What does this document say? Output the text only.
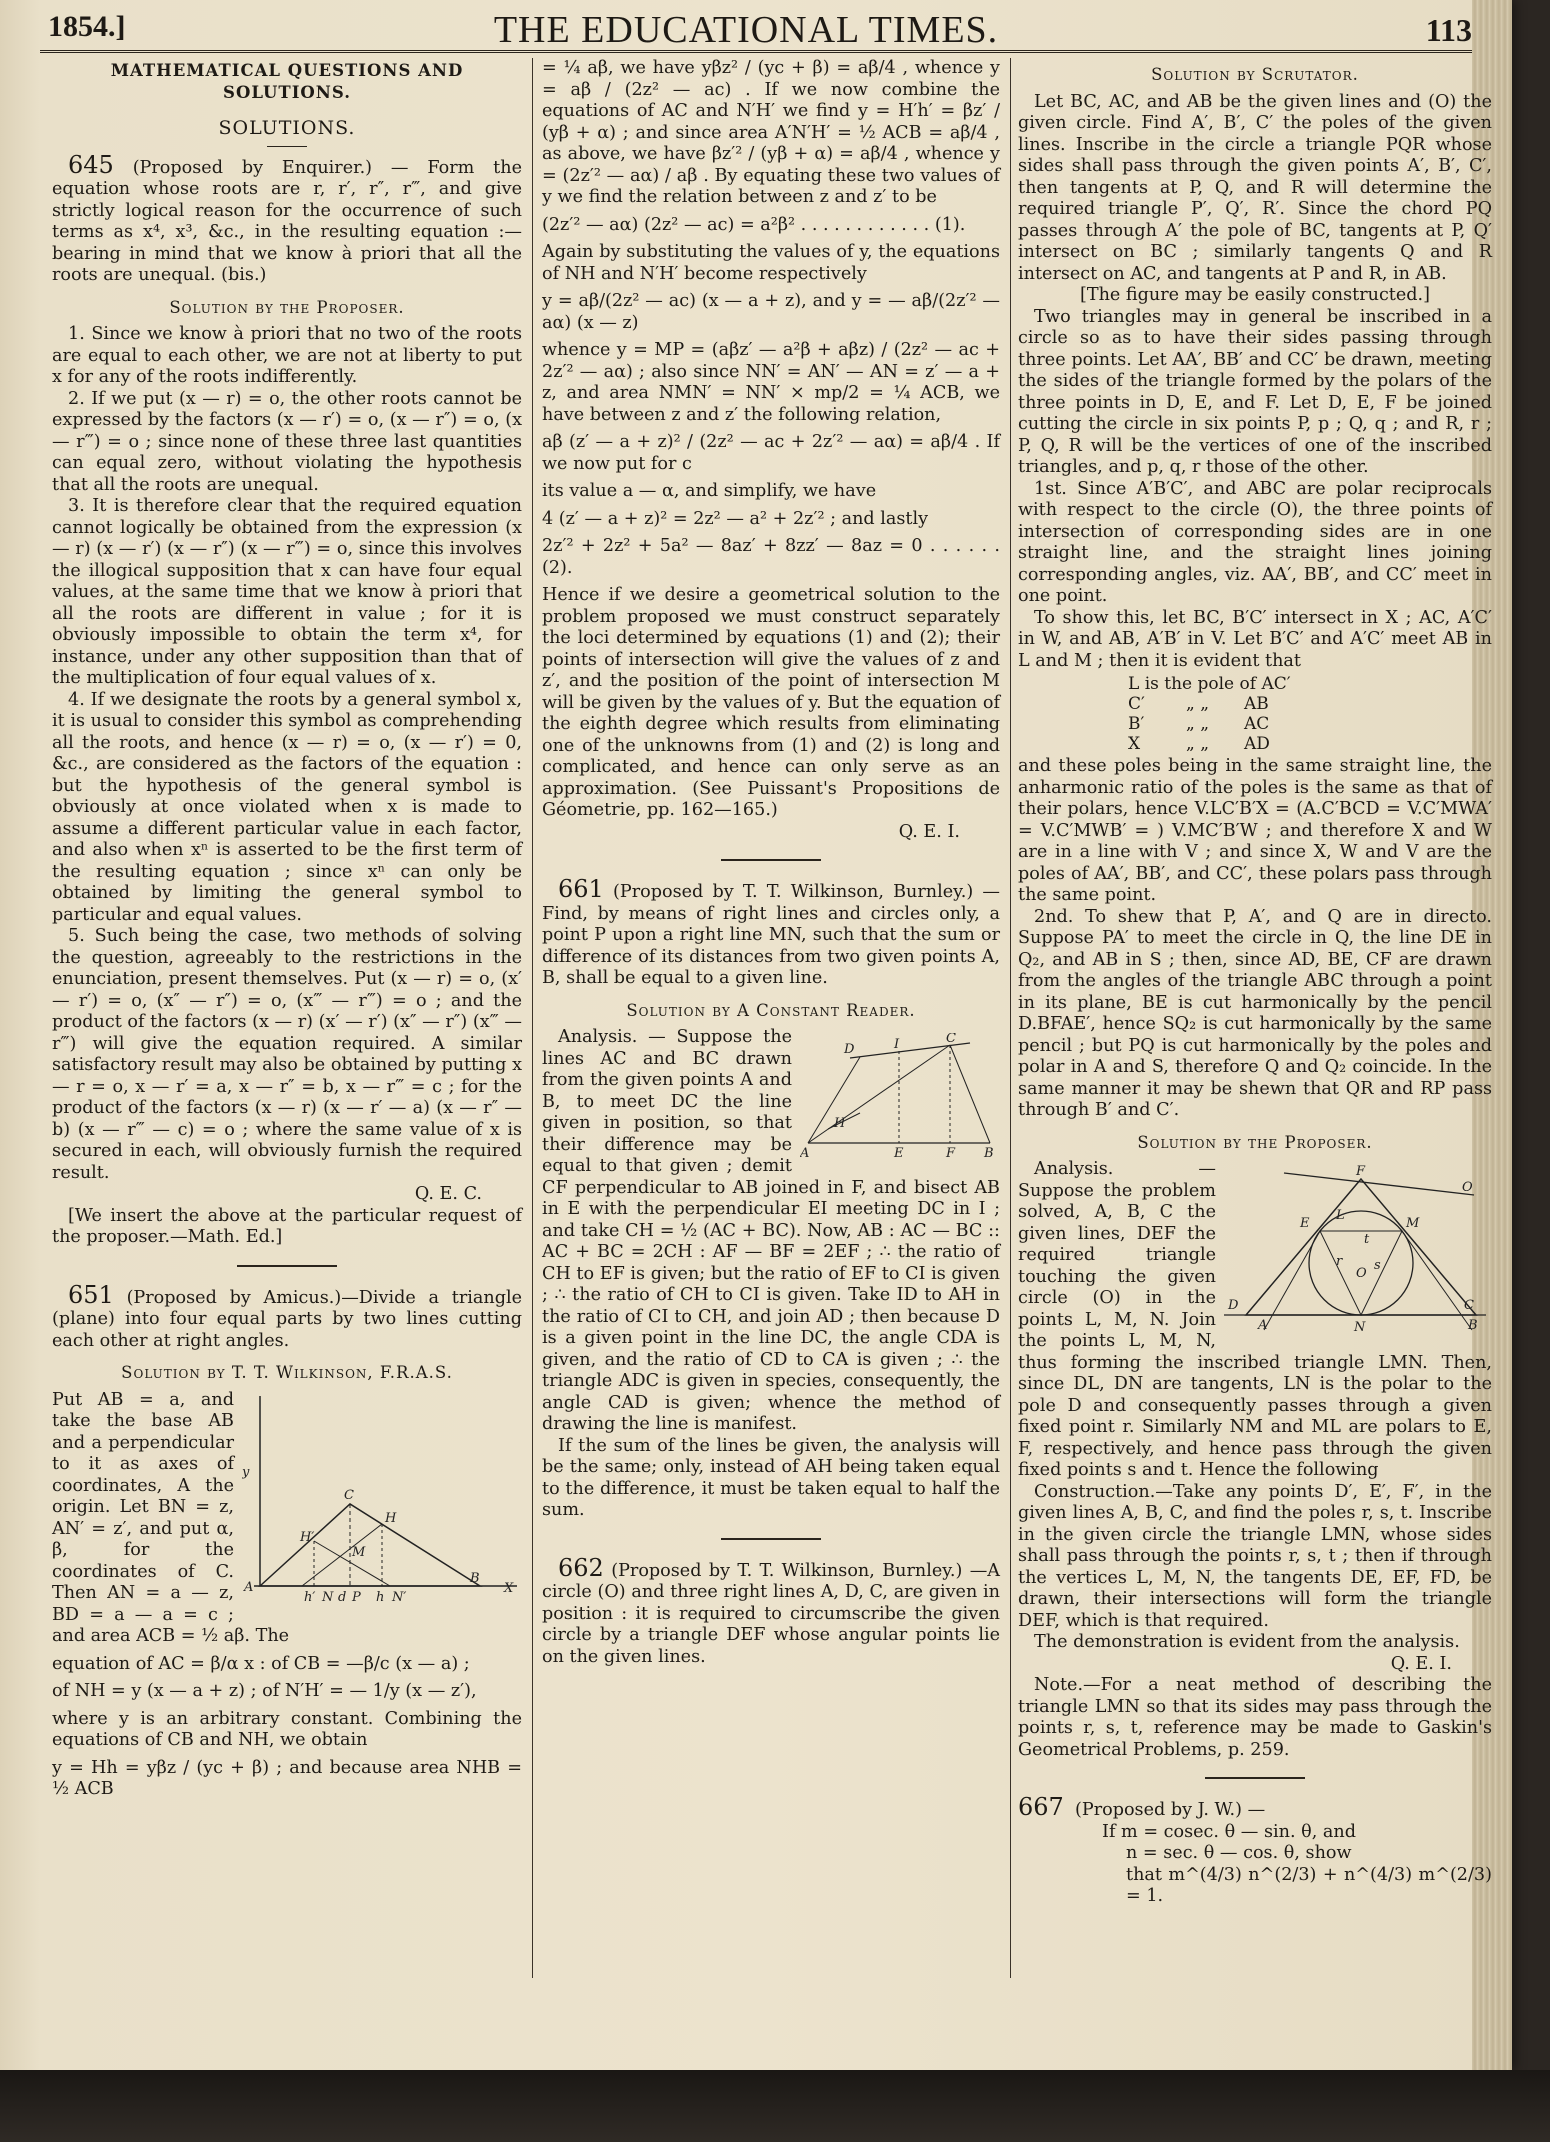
1854.]	THE EDUCATIONAL TIMES.	113
MATHEMATICAL QUESTIONS AND SOLUTIONS.
SOLUTIONS.

645 (Proposed by Enquirer.) — Form the equation whose roots are r, r′, r″, r‴, and give strictly logical reason for the occurrence of such terms as x⁴, x³, &c., in the resulting equation :— bearing in mind that we know à priori that all the roots are unequal. (bis.)

Solution by the Proposer.

1. Since we know à priori that no two of the roots are equal to each other, we are not at liberty to put x for any of the roots indifferently.

2. If we put (x — r) = o, the other roots cannot be expressed by the factors (x — r′) = o, (x — r″) = o, (x — r‴) = o ; since none of these three last quantities can equal zero, without violating the hypothesis that all the roots are unequal.

3. It is therefore clear that the required equation cannot logically be obtained from the expression (x — r) (x — r′) (x — r″) (x — r‴) = o, since this involves the illogical supposition that x can have four equal values, at the same time that we know à priori that all the roots are different in value ; for it is obviously impossible to obtain the term x⁴, for instance, under any other supposition than that of the multiplication of four equal values of x.

4. If we designate the roots by a general symbol x, it is usual to consider this symbol as comprehending all the roots, and hence (x — r) = o, (x — r′) = 0, &c., are considered as the factors of the equation : but the hypothesis of the general symbol is obviously at once violated when x is made to assume a different particular value in each factor, and also when xⁿ is asserted to be the first term of the resulting equation ; since xⁿ can only be obtained by limiting the general symbol to particular and equal values.

5. Such being the case, two methods of solving the question, agreeably to the restrictions in the enunciation, present themselves. Put (x — r) = o, (x′ — r′) = o, (x″ — r″) = o, (x‴ — r‴) = o ; and the product of the factors (x — r) (x′ — r′) (x″ — r″) (x‴ — r‴) will give the equation required. A similar satisfactory result may also be obtained by putting x — r = o, x — r′ = a, x — r″ = b, x — r‴ = c ; for the product of the factors (x — r) (x — r′ — a) (x — r″ — b) (x — r‴ — c) = o ; where the same value of x is secured in each, will obviously furnish the required result.

Q. E. C.

[We insert the above at the particular request of the proposer.—Math. Ed.]

651 (Proposed by Amicus.)—Divide a triangle (plane) into four equal parts by two lines cutting each other at right angles.

Solution by T. T. Wilkinson, F.R.A.S.
y
C
H
H′
M
A
h′ N d P h N′
B
X

Put AB = a, and take the base AB and a perpendicular to it as axes of coordinates, A the origin. Let BN = z, AN′ = z′, and put α, β, for the coordinates of C. Then AN = a — z, BD = a — a = c ; and area ACB = ½ aβ. The

equation of AC = β/α x : of CB = —β/c (x — a) ;

of NH = y (x — a + z) ; of N′H′ = — 1/y (x — z′),

where y is an arbitrary constant. Combining the equations of CB and NH, we obtain

y = Hh = yβz / (yc + β) ; and because area NHB = ½ ACB

= ¼ aβ, we have yβz² / (yc + β) = aβ/4 , whence y = aβ / (2z² — ac) . If we now combine the equations of AC and N′H′ we find y = H′h′ = βz′ / (yβ + α) ; and since area A′N′H′ = ½ ACB = aβ/4 , as above, we have βz′² / (yβ + α) = aβ/4 , whence y = (2z′² — aα) / aβ . By equating these two values of y we find the relation between z and z′ to be

(2z′² — aα) (2z² — ac) = a²β² . . . . . . . . . . . . (1).

Again by substituting the values of y, the equations of NH and N′H′ become respectively

y = aβ/(2z² — ac) (x — a + z), and y = — aβ/(2z′² — aα) (x — z)

whence y = MP = (aβz′ — a²β + aβz) / (2z² — ac + 2z′² — aα) ; also since NN′ = AN′ — AN = z′ — a + z, and area NMN′ = NN′ × mp/2 = ¼ ACB, we have between z and z′ the following relation,

aβ (z′ — a + z)² / (2z² — ac + 2z′² — aα) = aβ/4 . If we now put for c

its value a — α, and simplify, we have

4 (z′ — a + z)² = 2z² — a² + 2z′² ; and lastly

2z′² + 2z² + 5a² — 8az′ + 8zz′ — 8az = 0 . . . . . . (2).

Hence if we desire a geometrical solution to the problem proposed we must construct separately the loci determined by equations (1) and (2); their points of intersection will give the values of z and z′, and the position of the point of intersection M will be given by the values of y. But the equation of the eighth degree which results from eliminating one of the unknowns from (1) and (2) is long and complicated, and hence can only serve as an approximation. (See Puissant's Propositions de Géometrie, pp. 162—165.)

Q. E. I.

661 (Proposed by T. T. Wilkinson, Burnley.) —Find, by means of right lines and circles only, a point P upon a right line MN, such that the sum or difference of its distances from two given points A, B, shall be equal to a given line.

Solution by A Constant Reader.
D	I	C
H
A	E	F B

Analysis. — Suppose the lines AC and BC drawn from the given points A and B, to meet DC the line given in position, so that their difference may be equal to that given ; demit CF perpendicular to AB joined in F, and bisect AB in E with the perpendicular EI meeting DC in I ; and take CH = ½ (AC + BC). Now, AB : AC — BC :: AC + BC = 2CH : AF — BF = 2EF ; ∴ the ratio of CH to EF is given; but the ratio of EF to CI is given ; ∴ the ratio of CH to CI is given. Take ID to AH in the ratio of CI to CH, and join AD ; then because D is a given point in the line DC, the angle CDA is given, and the ratio of CD to CA is given ; ∴ the triangle ADC is given in species, consequently, the angle CAD is given; whence the method of drawing the line is manifest.

If the sum of the lines be given, the analysis will be the same; only, instead of AH being taken equal to the difference, it must be taken equal to half the sum.

662 (Proposed by T. T. Wilkinson, Burnley.) —A circle (O) and three right lines A, D, C, are given in position : it is required to circumscribe the given circle by a triangle DEF whose angular points lie on the given lines.

Solution by Scrutator.

Let BC, AC, and AB be the given lines and (O) the given circle. Find A′, B′, C′ the poles of the given lines. Inscribe in the circle a triangle PQR whose sides shall pass through the given points A′, B′, C′, then tangents at P, Q, and R will determine the required triangle P′, Q′, R′. Since the chord PQ passes through A′ the pole of BC, tangents at P, Q′ intersect on BC ; similarly tangents Q and R intersect on AC, and tangents at P and R, in AB.

[The figure may be easily constructed.]

Two triangles may in general be inscribed in a circle so as to have their sides passing through three points. Let AA′, BB′ and CC′ be drawn, meeting the sides of the triangle formed by the polars of the three points in D, E, and F. Let D, E, F be joined cutting the circle in six points P, p ; Q, q ; and R, r ; P, Q, R will be the vertices of one of the inscribed triangles, and p, q, r those of the other.

1st. Since A′B′C′, and ABC are polar reciprocals with respect to the circle (O), the three points of intersection of corresponding sides are in one straight line, and the straight lines joining corresponding angles, viz. AA′, BB′, and CC′ meet in one point.

To show this, let BC, B′C′ intersect in X ; AC, A′C′ in W, and AB, A′B′ in V. Let B′C′ and A′C′ meet AB in L and M ; then it is evident that

L is the pole of AC′
C′ „ „ AB
B′ „ „ AC
X	„ „ AD

and these poles being in the same straight line, the anharmonic ratio of the poles is the same as that of their polars, hence V.LC′B′X = (A.C′BCD = V.C′MWA′ = V.C′MWB′ = ) V.MC′B′W ; and therefore X and W are in a line with V ; and since X, W and V are the poles of AA′, BB′, and CC′, these polars pass through the same point.

2nd. To shew that P, A′, and Q are in directo. Suppose PA′ to meet the circle in Q, the line DE in Q₂, and AB in S ; then, since AD, BE, CF are drawn from the angles of the triangle ABC through a point in its plane, BE is cut harmonically by the pencil D.BFAE′, hence SQ₂ is cut harmonically by the same pencil ; but PQ is cut harmonically by the poles and polar in A and S, therefore Q and Q₂ coincide. In the same manner it may be shewn that QR and RP pass through B′ and C′.

Solution by the Proposer.
F
O
E	M
D
A	N
C
B
L
t
r
O
s

Analysis. — Suppose the problem solved, A, B, C the given lines, DEF the required triangle touching the given circle (O) in the points L, M, N. Join the points L, M, N, thus forming the inscribed triangle LMN. Then, since DL, DN are tangents, LN is the polar to the pole D and consequently passes through a given fixed point r. Similarly NM and ML are polars to E, F, respectively, and hence pass through the given fixed points s and t. Hence the following

Construction.—Take any points D′, E′, F′, in the given lines A, B, C, and find the poles r, s, t. Inscribe in the given circle the triangle LMN, whose sides shall pass through the points r, s, t ; then if through the vertices L, M, N, the tangents DE, EF, FD, be drawn, their intersections will form the triangle DEF, which is that required.

The demonstration is evident from the analysis.

Q. E. I.

Note.—For a neat method of describing the triangle LMN so that its sides may pass through the points r, s, t, reference may be made to Gaskin's Geometrical Problems, p. 259.

667 (Proposed by J. W.) —

If m = cosec. θ — sin. θ, and

n = sec. θ — cos. θ, show

that m^(4/3) n^(2/3) + n^(4/3) m^(2/3) = 1.
